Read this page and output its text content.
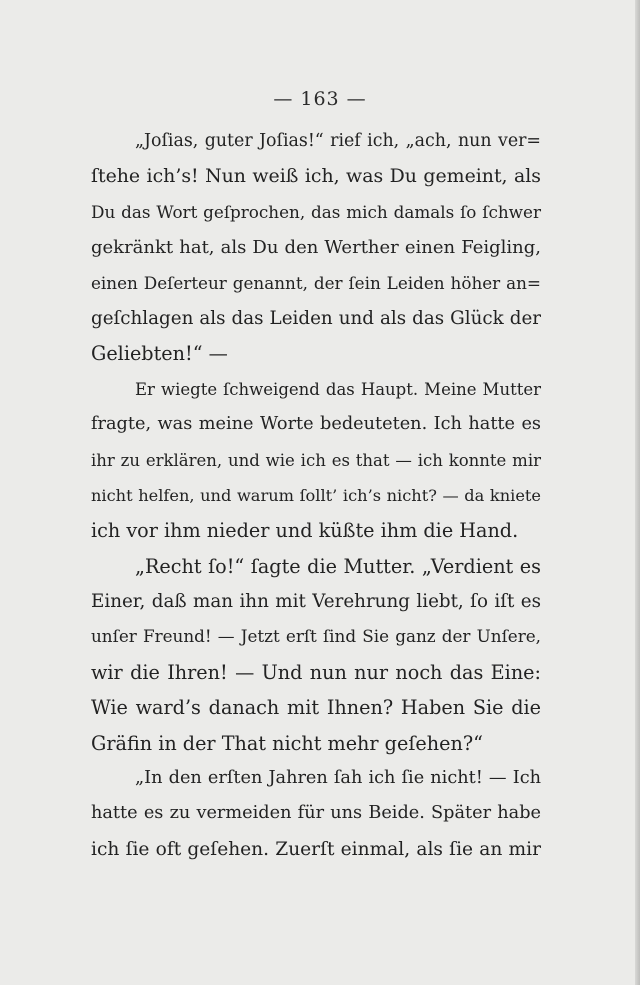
— 163 —
„Joſias, guter Joſias!“ rief ich, „ach, nun ver=
ſtehe ich’s! Nun weiß ich, was Du gemeint, als
Du das Wort geſprochen, das mich damals ſo ſchwer
gekränkt hat, als Du den Werther einen Feigling,
einen Deſerteur genannt, der ſein Leiden höher an=
geſchlagen als das Leiden und als das Glück der
Geliebten!“ —
Er wiegte ſchweigend das Haupt. Meine Mutter
fragte, was meine Worte bedeuteten. Ich hatte es
ihr zu erklären, und wie ich es that — ich konnte mir
nicht helfen, und warum ſollt’ ich’s nicht? — da kniete
ich vor ihm nieder und küßte ihm die Hand.
„Recht ſo!“ ſagte die Mutter. „Verdient es
Einer, daß man ihn mit Verehrung liebt, ſo iſt es
unſer Freund! — Jetzt erſt ſind Sie ganz der Unſere,
wir die Ihren! — Und nun nur noch das Eine:
Wie ward’s danach mit Ihnen? Haben Sie die
Gräfin in der That nicht mehr geſehen?“
„In den erſten Jahren ſah ich ſie nicht! — Ich
hatte es zu vermeiden für uns Beide. Später habe
ich ſie oft geſehen. Zuerſt einmal, als ſie an mir
